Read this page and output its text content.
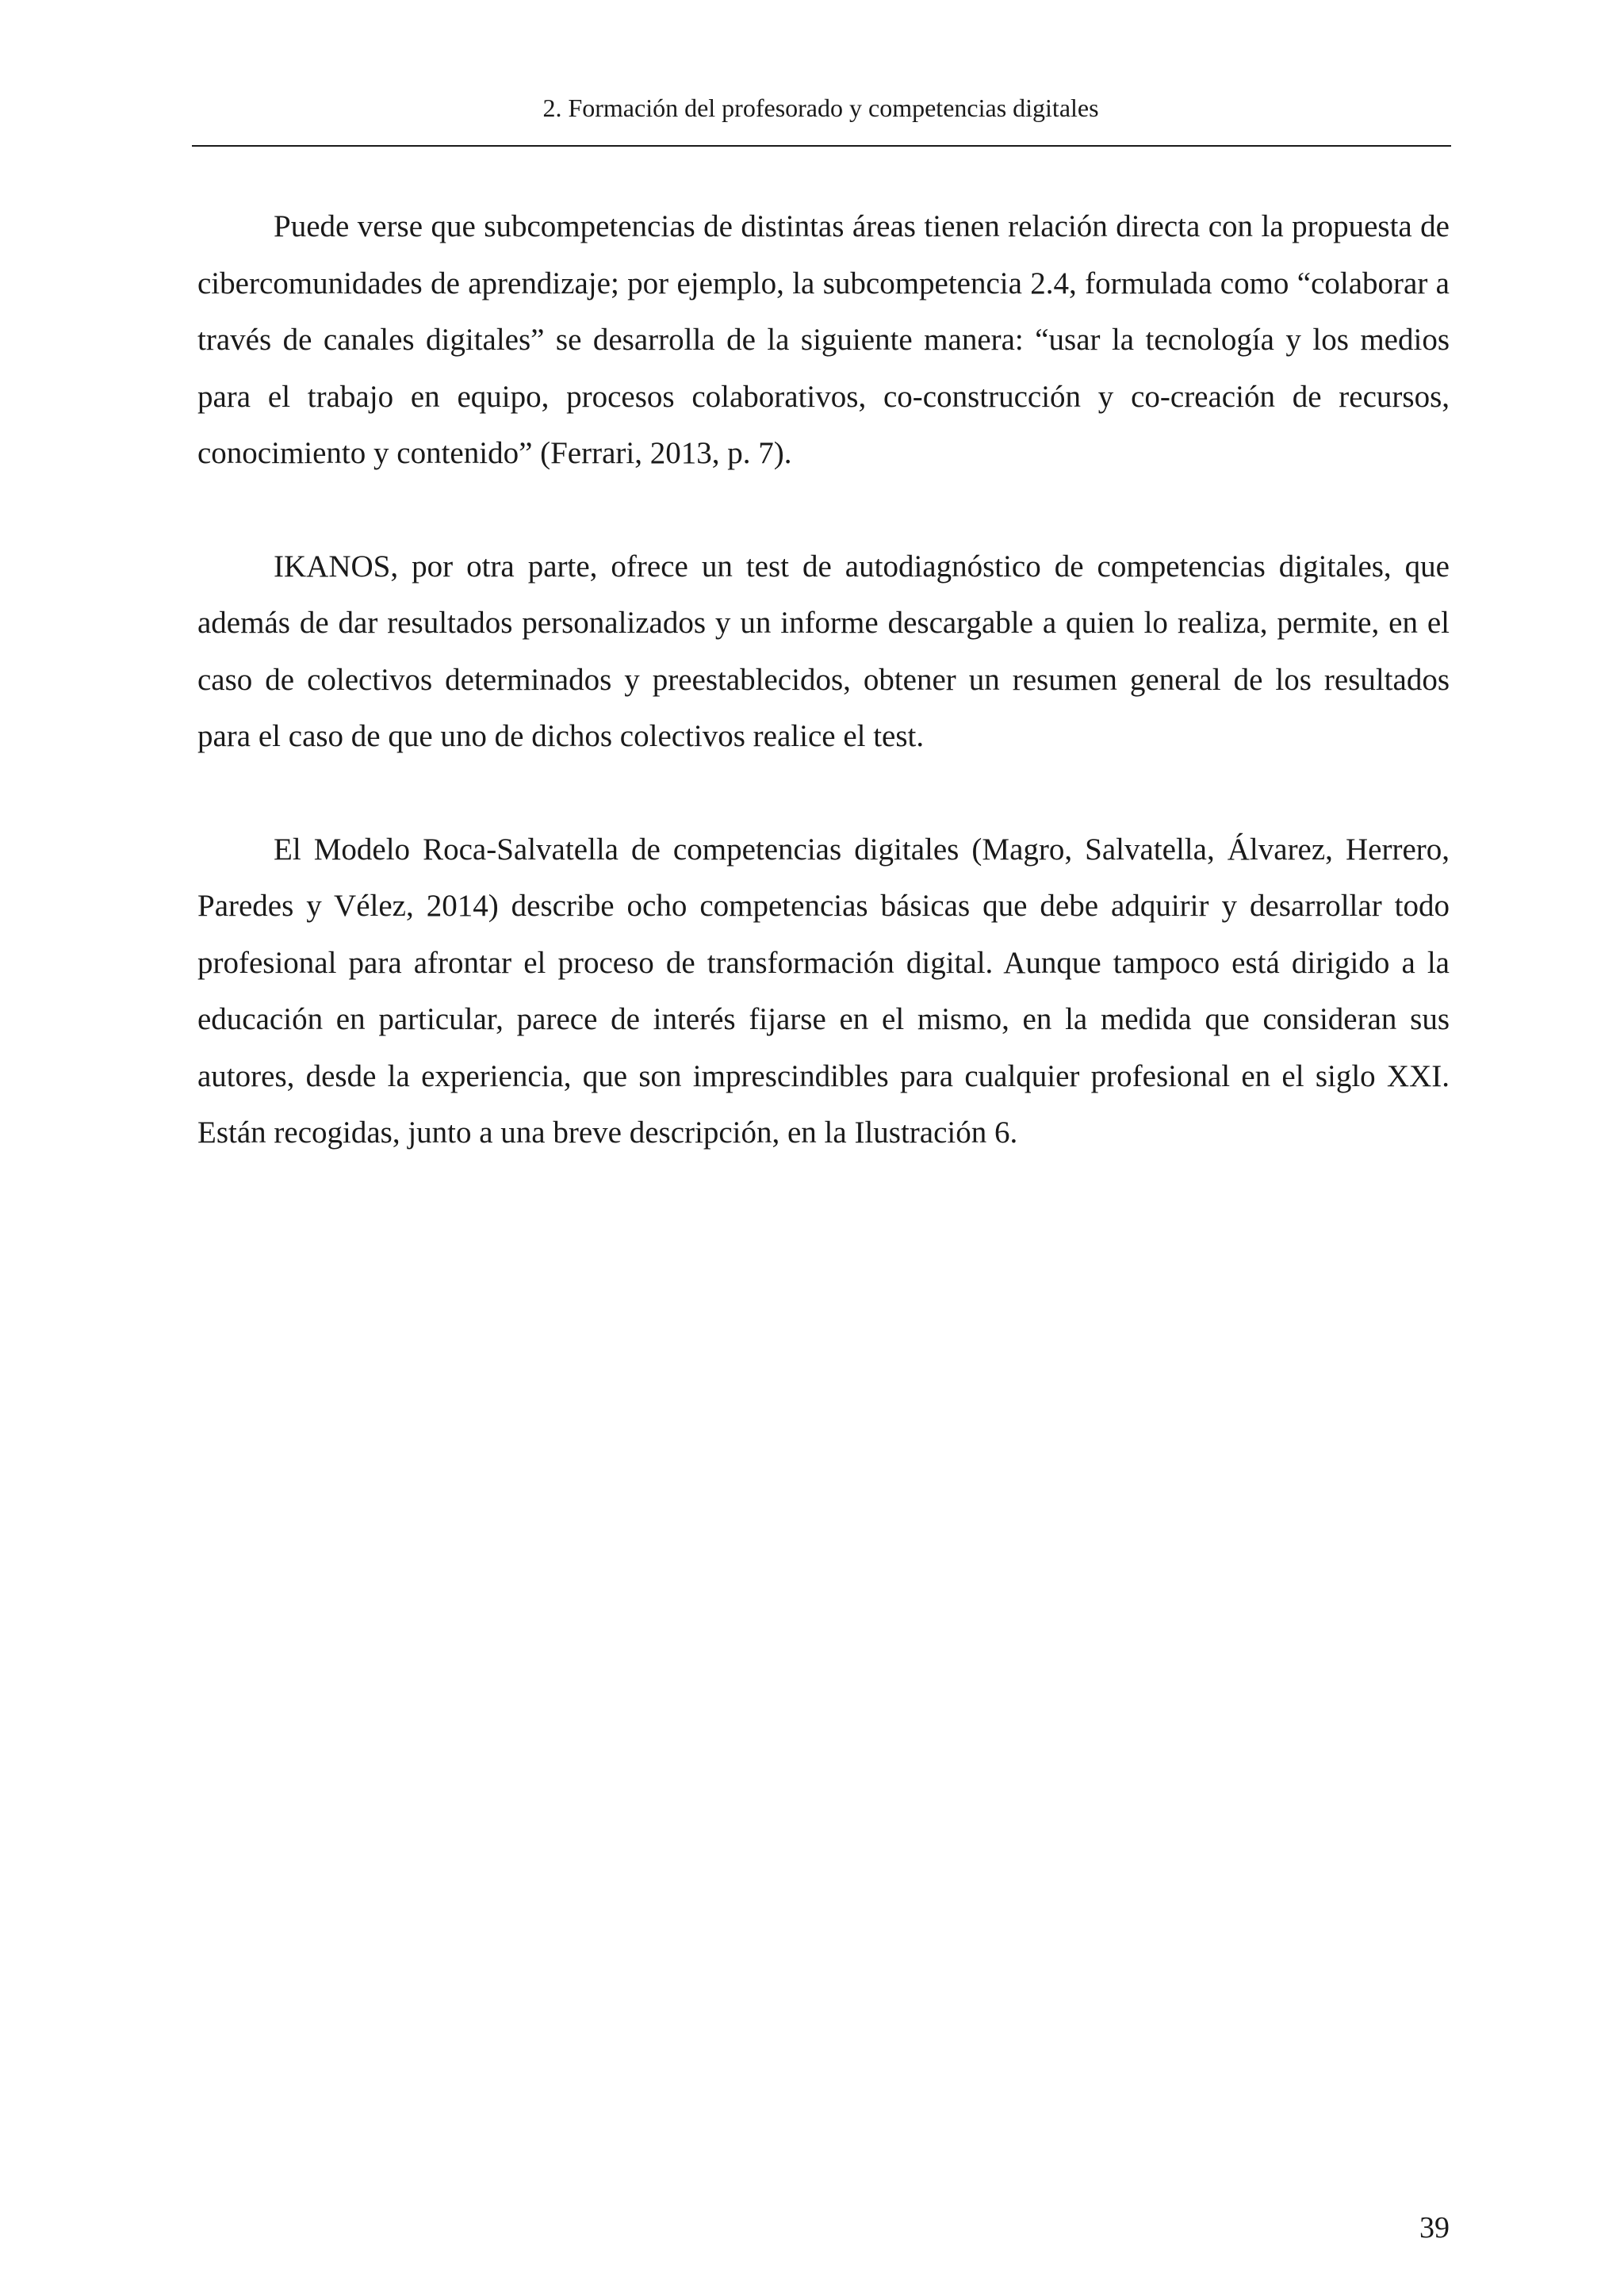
2. Formación del profesorado y competencias digitales

Puede verse que subcompetencias de distintas áreas tienen relación directa con la propuesta de cibercomunidades de aprendizaje; por ejemplo, la subcompetencia 2.4, formulada como “colaborar a través de canales digitales” se desarrolla de la siguiente manera: “usar la tecnología y los medios para el trabajo en equipo, procesos colaborativos, co-construcción y co-creación de recursos, conocimiento y contenido” (Ferrari, 2013, p. 7).

IKANOS, por otra parte, ofrece un test de autodiagnóstico de competencias digitales, que además de dar resultados personalizados y un informe descargable a quien lo realiza, permite, en el caso de colectivos determinados y preestablecidos, obtener un resumen general de los resultados para el caso de que uno de dichos colectivos realice el test.

El Modelo Roca-Salvatella de competencias digitales (Magro, Salvatella, Álvarez, Herrero, Paredes y Vélez, 2014) describe ocho competencias básicas que debe adquirir y desarrollar todo profesional para afrontar el proceso de transformación digital. Aunque tampoco está dirigido a la educación en particular, parece de interés fijarse en el mismo, en la medida que consideran sus autores, desde la experiencia, que son imprescindibles para cualquier profesional en el siglo XXI. Están recogidas, junto a una breve descripción, en la Ilustración 6.

39
